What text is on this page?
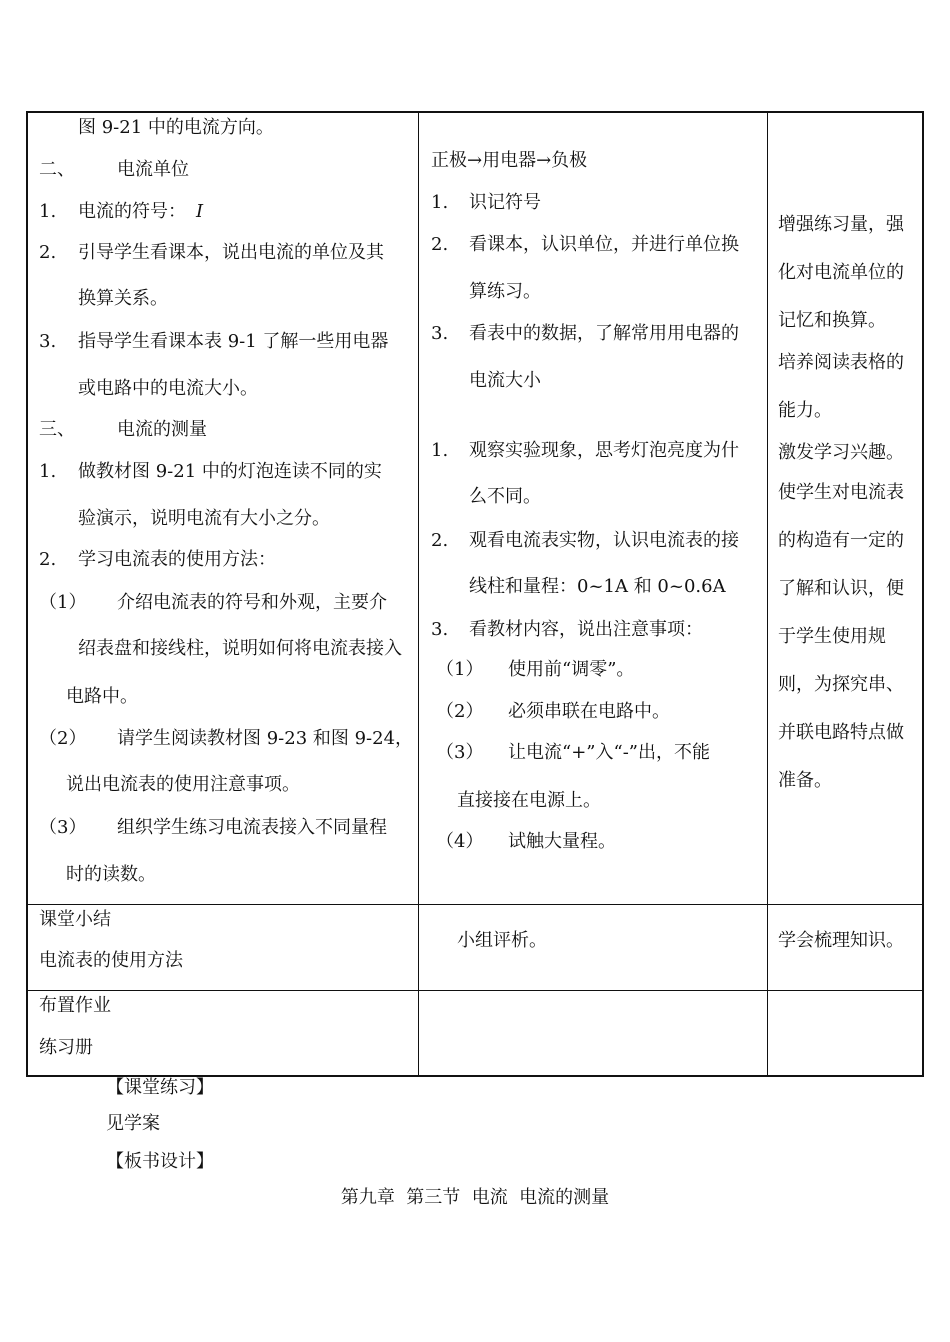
图 9-21 中的电流方向。
二、 电流单位
1. 电流的符号： I
2. 引导学生看课本，说出电流的单位及其
换算关系。
3. 指导学生看课本表 9-1 了解一些用电器
或电路中的电流大小。
三、 电流的测量
1. 做教材图 9-21 中的灯泡连读不同的实
验演示，说明电流有大小之分。
2. 学习电流表的使用方法：
（1） 介绍电流表的符号和外观，主要介
绍表盘和接线柱，说明如何将电流表接入
电路中。
（2） 请学生阅读教材图 9-23 和图 9-24，
说出电流表的使用注意事项。
（3） 组织学生练习电流表接入不同量程
时的读数。
正极→用电器→负极
1. 识记符号
2. 看课本，认识单位，并进行单位换
算练习。
3. 看表中的数据，了解常用用电器的
电流大小
1. 观察实验现象，思考灯泡亮度为什
么不同。
2. 观看电流表实物，认识电流表的接
线柱和量程：0~1A 和 0~0.6A
3. 看教材内容，说出注意事项：
（1） 使用前“调零”。
（2） 必须串联在电路中。
（3） 让电流“+”入“-”出，不能
直接接在电源上。
（4） 试触大量程。
增强练习量，强化对电流单位的记忆和换算。
培养阅读表格的能力。
激发学习兴趣。
使学生对电流表的构造有一定的了解和认识，便于学生使用规则，为探究串、并联电路特点做准备。
课堂小结
电流表的使用方法
小组评析。	学会梳理知识。
布置作业
练习册
【课堂练习】
见学案
【板书设计】
第九章  第三节  电流  电流的测量
